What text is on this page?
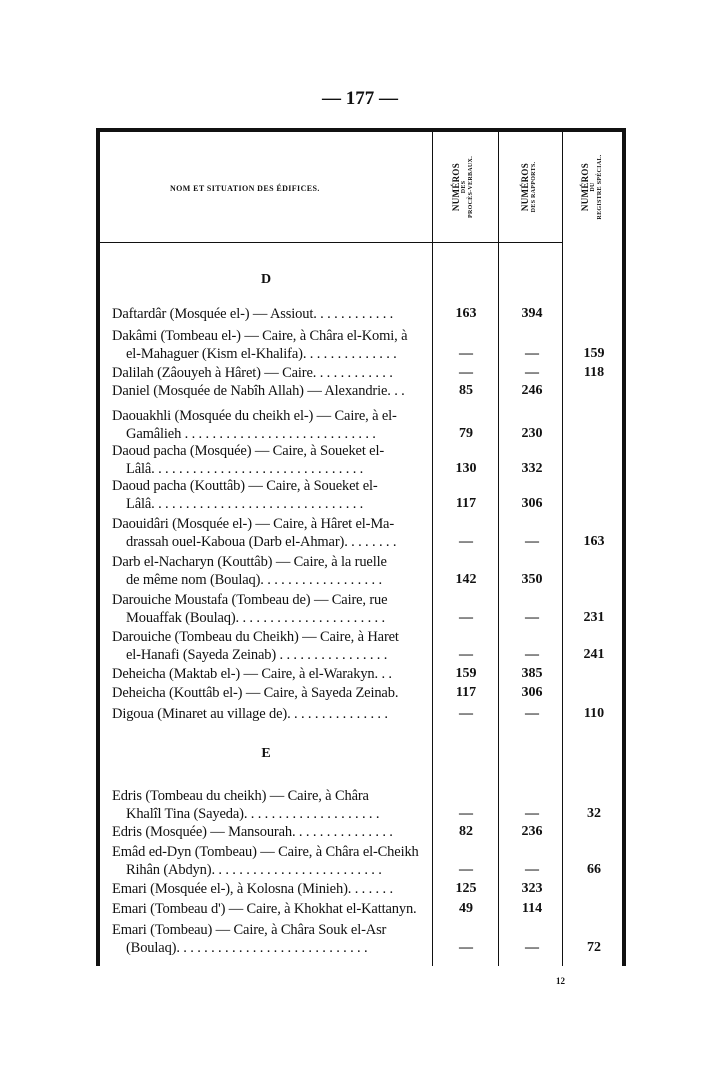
— 177 —
NOM ET SITUATION DES ÉDIFICES.	NUMÉROS DES PROCÈS-VERBAUX.	NUMÉROS DES RAPPORTS.	NUMÉROS DU REGISTRE SPÉCIAL.
D
Daftardâr (Mosquée el-) — Assiout. . . . . . . . . . . .	163	394
Dakâmi (Tombeau el-) — Caire, à Châra el-Komi, à
el-Mahaguer (Kism el-Khalifa). . . . . . . . . . . . . .	—	—	159
Dalilah (Zâouyeh à Hâret) — Caire. . . . . . . . . . . .	—	—	118
Daniel (Mosquée de Nabîh Allah) — Alexandrie. . .	85	246
Daouakhli (Mosquée du cheikh el-) — Caire, à el-
Gamâlieh . . . . . . . . . . . . . . . . . . . . . . . . . . . .	79	230
Daoud pacha (Mosquée) — Caire, à Soueket el-
Lâlâ. . . . . . . . . . . . . . . . . . . . . . . . . . . . . . .	130	332
Daoud pacha (Kouttâb) — Caire, à Soueket el-
Lâlâ. . . . . . . . . . . . . . . . . . . . . . . . . . . . . . .	117	306
Daouidâri (Mosquée el-) — Caire, à Hâret el-Ma-
drassah ouel-Kaboua (Darb el-Ahmar). . . . . . . .	—	—	163
Darb el-Nacharyn (Kouttâb) — Caire, à la ruelle
de même nom (Boulaq). . . . . . . . . . . . . . . . . .	142	350
Darouiche Moustafa (Tombeau de) — Caire, rue
Mouaffak (Boulaq). . . . . . . . . . . . . . . . . . . . . .	—	—	231
Darouiche (Tombeau du Cheikh) — Caire, à Haret
el-Hanafi (Sayeda Zeinab) . . . . . . . . . . . . . . . .	—	—	241
Deheicha (Maktab el-) — Caire, à el-Warakyn. . .	159	385
Deheicha (Kouttâb el-) — Caire, à Sayeda Zeinab.	117	306
Digoua (Minaret au village de). . . . . . . . . . . . . . .	—	—	110
E
Edris (Tombeau du cheikh) — Caire, à Châra
Khalîl Tina (Sayeda). . . . . . . . . . . . . . . . . . . .	—	—	32
Edris (Mosquée) — Mansourah. . . . . . . . . . . . . . .	82	236
Emâd ed-Dyn (Tombeau) — Caire, à Châra el-Cheikh
Rihân (Abdyn). . . . . . . . . . . . . . . . . . . . . . . . .	—	—	66
Emari (Mosquée el-), à Kolosna (Minieh). . . . . . .	125	323
Emari (Tombeau d') — Caire, à Khokhat el-Kattanyn.	49	114
Emari (Tombeau) — Caire, à Châra Souk el-Asr
(Boulaq). . . . . . . . . . . . . . . . . . . . . . . . . . . .	—	—	72
12
